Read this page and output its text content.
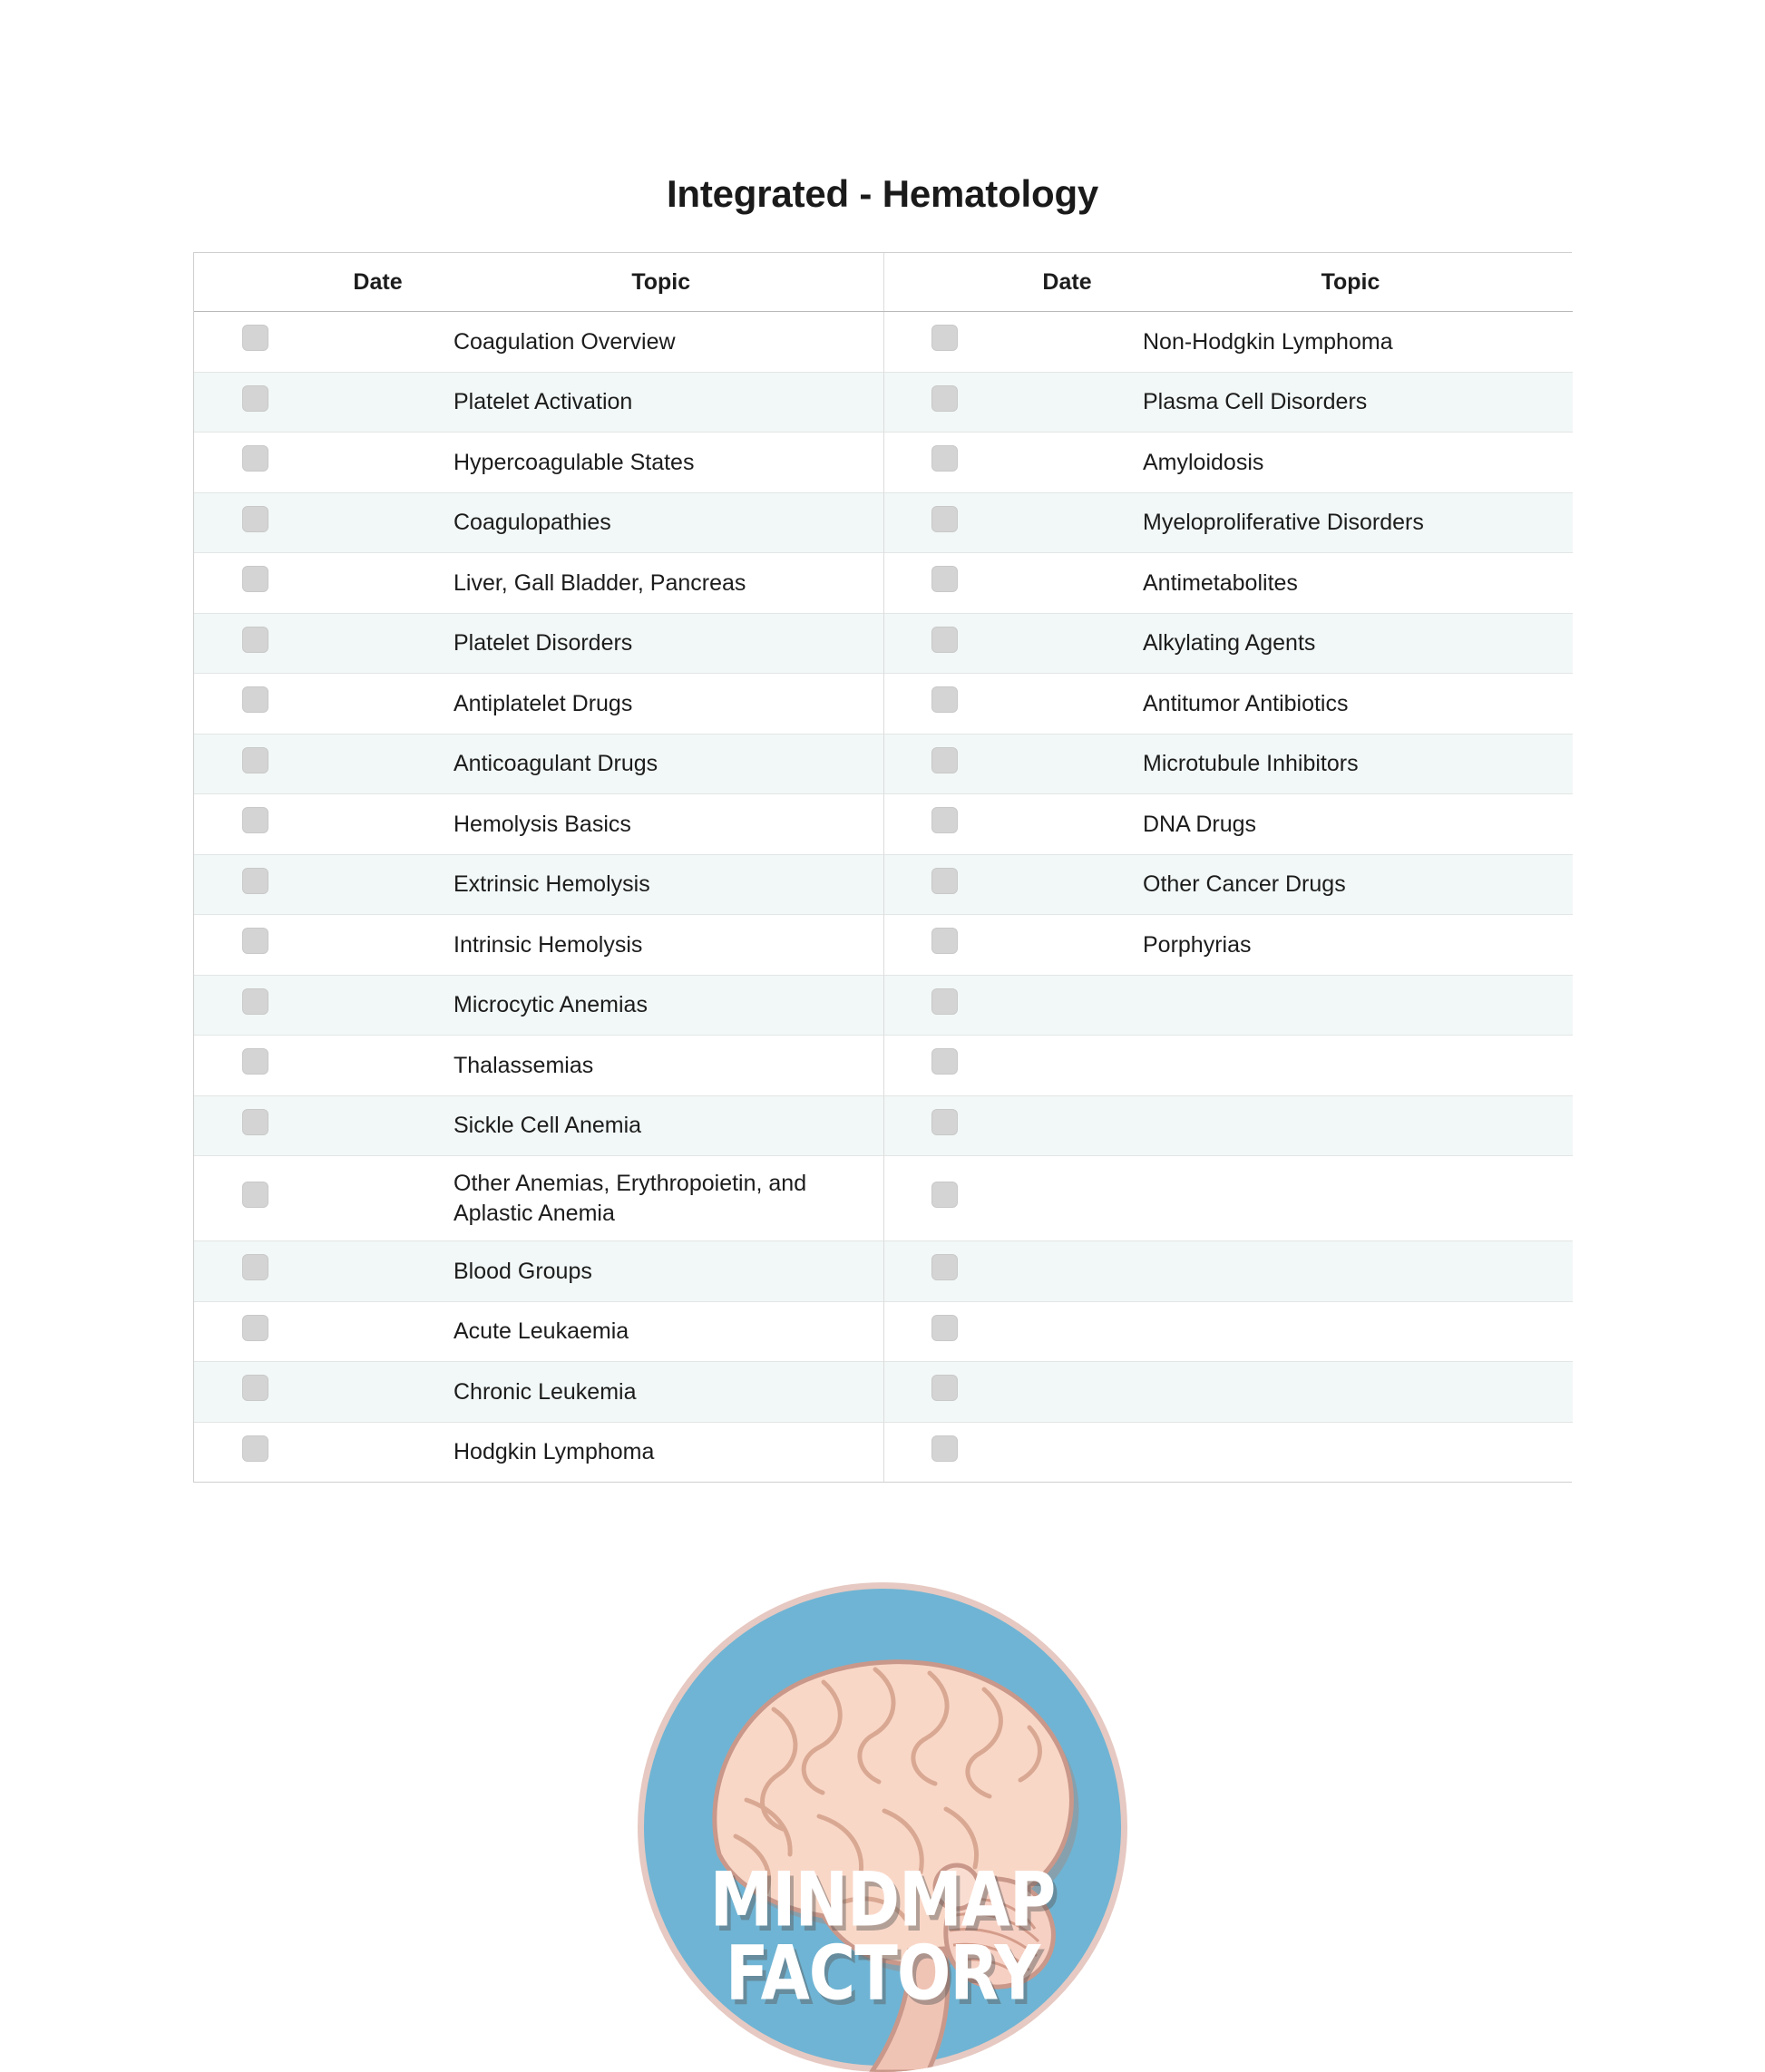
Integrated - Hematology
	Date	Topic		Date	Topic
		Coagulation Overview			Non-Hodgkin Lymphoma
		Platelet Activation			Plasma Cell Disorders
		Hypercoagulable States			Amyloidosis
		Coagulopathies			Myeloproliferative Disorders
		Liver, Gall Bladder, Pancreas			Antimetabolites
		Platelet Disorders			Alkylating Agents
		Antiplatelet Drugs			Antitumor Antibiotics
		Anticoagulant Drugs			Microtubule Inhibitors
		Hemolysis Basics			DNA Drugs
		Extrinsic Hemolysis			Other Cancer Drugs
		Intrinsic Hemolysis			Porphyrias
		Microcytic Anemias			
		Thalassemias			
		Sickle Cell Anemia			
		Other Anemias, Erythropoietin, and Aplastic Anemia			
		Blood Groups			
		Acute Leukaemia			
		Chronic Leukemia			
		Hodgkin Lymphoma			
MINDMAP
FACTORY
